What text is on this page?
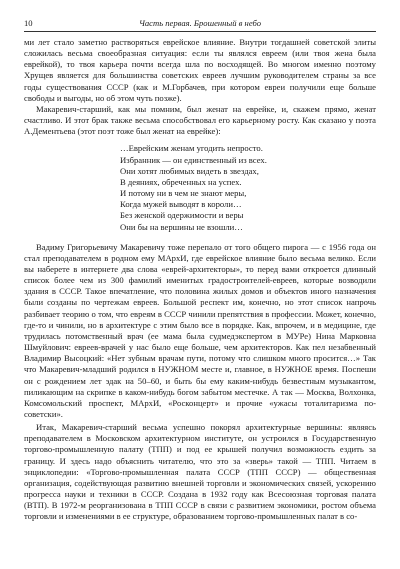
10	Часть первая. Брошенный в небо

ми лет стало заметно растворяться еврейское влияние. Внутри тогдашней советской элиты сложилась весьма своеобразная ситуация: если ты являлся евреем (или твоя жена была еврейкой), то твоя карьера почти всегда шла по восходящей. Во многом именно поэтому Хрущев является для большинства советских евреев лучшим руководителем страны за все годы существования СССР (как и М.Горбачев, при котором евреи получили еще больше свободы и выгоды, но об этом чуть позже).

Макаревич-старший, как мы помним, был женат на еврейке, и, скажем прямо, женат счастливо. И этот брак также весьма способствовал его карьерному росту. Как сказано у поэта А.Дементьева (этот поэт тоже был женат на еврейке):

…Еврейским женам угодить непросто.
Избранник — он единственный из всех.
Они хотят любимых видеть в звездах,
В деяниях, обреченных на успех.
И потому ни в чем не знают меры,
Когда мужей выводят в короли…
Без женской одержимости и веры
Они бы на вершины не взошли…

Вадиму Григорьевичу Макаревичу тоже перепало от того общего пирога — с 1956 года он стал преподавателем в родном ему МАрхИ, где еврейское влияние было весьма велико. Если вы наберете в интернете два слова «еврей-архитекторы», то перед вами откроется длинный список более чем из 300 фамилий именитых градостроителей-евреев, которые возводили здания в СССР. Такое впечатление, что половина жилых домов и объектов иного назначения были созданы по чертежам евреев. Большой респект им, конечно, но этот список напрочь разбивает теорию о том, что евреям в СССР чинили препятствия в профессии. Может, конечно, где-то и чинили, но в архитектуре с этим было все в порядке. Как, впрочем, и в медицине, где трудилась потомственный врач (ее мама была судмедэкспертом в МУРе) Нина Марковна Шмуйлович: евреев-врачей у нас было еще больше, чем архитекторов. Как пел незабвенный Владимир Высоцкий: «Нет зубным врачам пути, потому что слишком много просится…» Так что Макаревич-младший родился в НУЖНОМ месте и, главное, в НУЖНОЕ время. Поспеши он с рождением лет эдак на 50–60, и быть бы ему каким-нибудь безвестным музыкантом, пиликающим на скрипке в каком-нибудь богом забытом местечке. А так — Москва, Волхонка, Комсомольский проспект, МАрхИ, «Росконцерт» и прочие «ужасы тоталитаризма по-советски».

Итак, Макаревич-старший весьма успешно покорял архитектурные вершины: являясь преподавателем в Московском архитектурном институте, он устроился в Государственную торгово-промышленную палату (ТПП) и под ее крышей получил возможность ездить за границу. И здесь надо объяснить читателю, что это за «зверь» такой — ТПП. Читаем в энциклопедии: «Торгово-промышленная палата СССР (ТПП СССР) — общественная организация, содействующая развитию внешней торговли и экономических связей, ускорению прогресса науки и техники в СССР. Создана в 1932 году как Всесоюзная торговая палата (ВТП). В 1972-м реорганизована в ТПП СССР в связи с развитием экономики, ростом объема торговли и изменениями в ее структуре, образованием торгово-промышленных палат в со-
